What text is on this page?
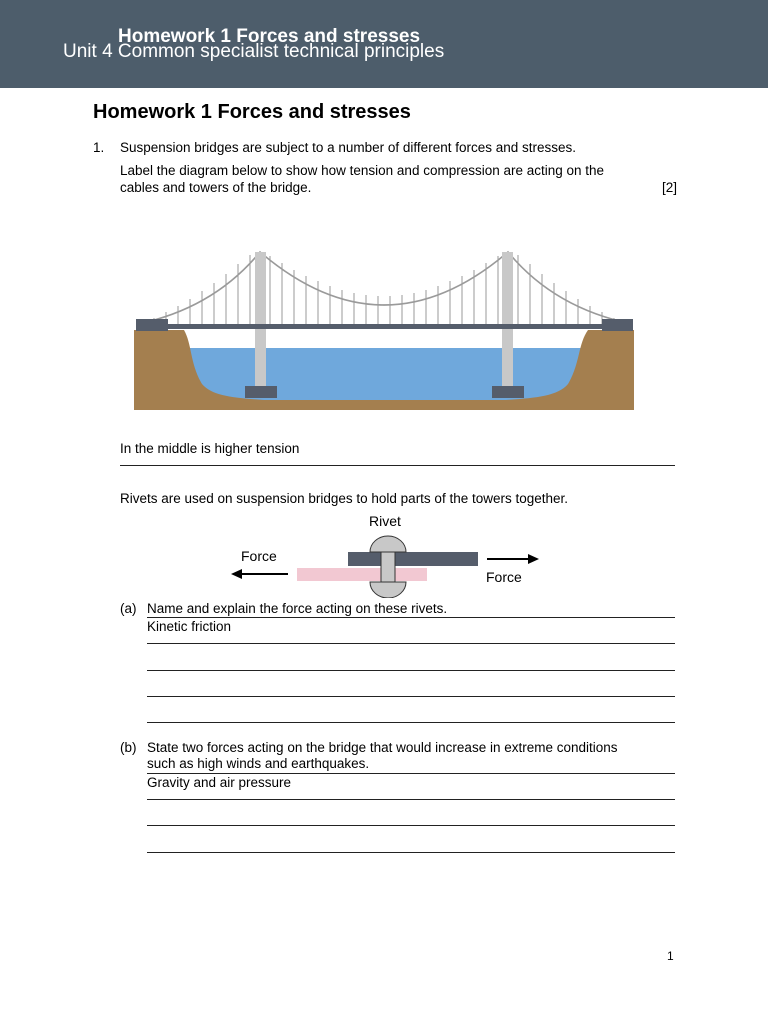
Homework 1 Forces and stresses
Unit 4 Common specialist technical principles
Homework 1 Forces and stresses
1. Suspension bridges are subject to a number of different forces and stresses.
Label the diagram below to show how tension and compression are acting on the
cables and towers of the bridge.	[2]
In the middle is higher tension
Rivets are used on suspension bridges to hold parts of the towers together.
Rivet
Force
Force
(a) Name and explain the force acting on these rivets.
Kinetic friction
(b) State two forces acting on the bridge that would increase in extreme conditions
such as high winds and earthquakes.
Gravity and air pressure
1
